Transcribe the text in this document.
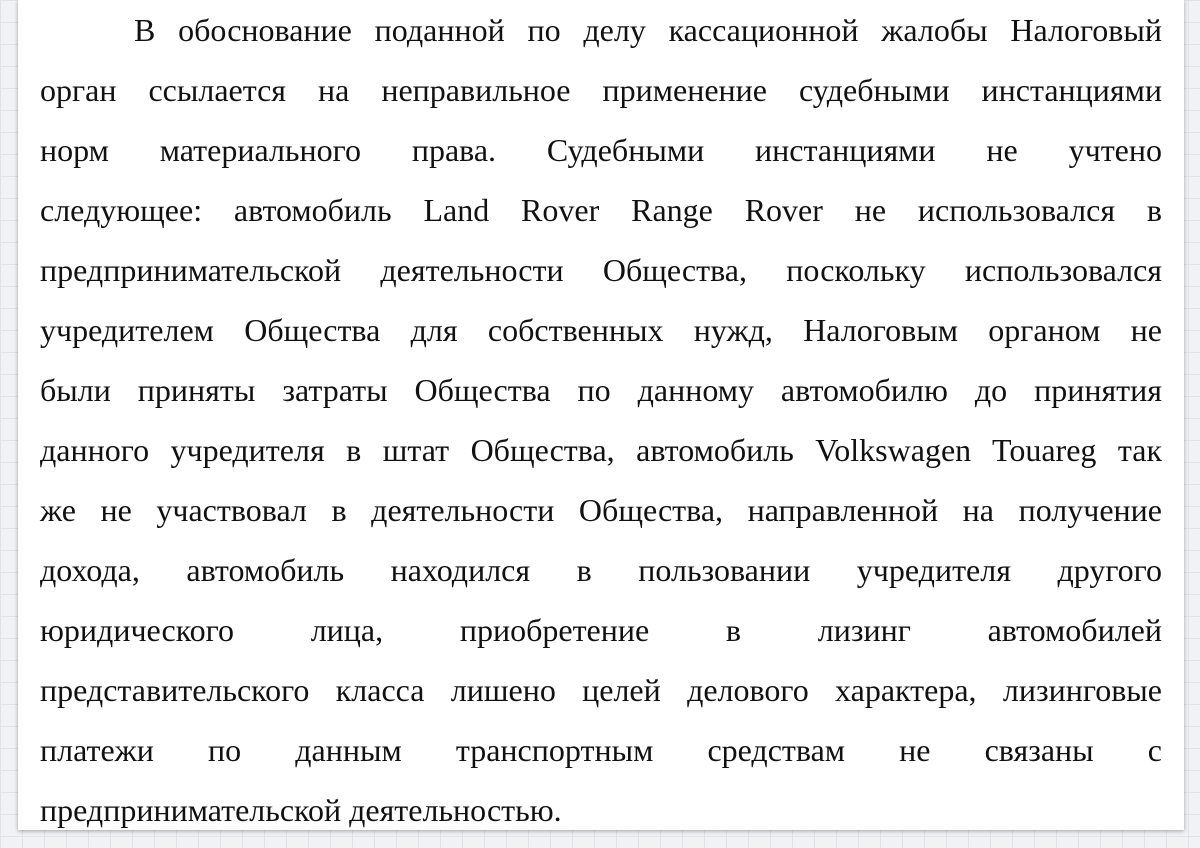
В обоснование поданной по делу кассационной жалобы Налоговый
орган ссылается на неправильное применение судебными инстанциями
норм материального права. Судебными инстанциями не учтено
следующее: автомобиль Land Rover Range Rover не использовался в
предпринимательской деятельности Общества, поскольку использовался
учредителем Общества для собственных нужд, Налоговым органом не
были приняты затраты Общества по данному автомобилю до принятия
данного учредителя в штат Общества, автомобиль Volkswagen Touareg так
же не участвовал в деятельности Общества, направленной на получение
дохода, автомобиль находился в пользовании учредителя другого
юридического лица, приобретение в лизинг автомобилей
представительского класса лишено целей делового характера, лизинговые
платежи по данным транспортным средствам не связаны с
предпринимательской деятельностью.
